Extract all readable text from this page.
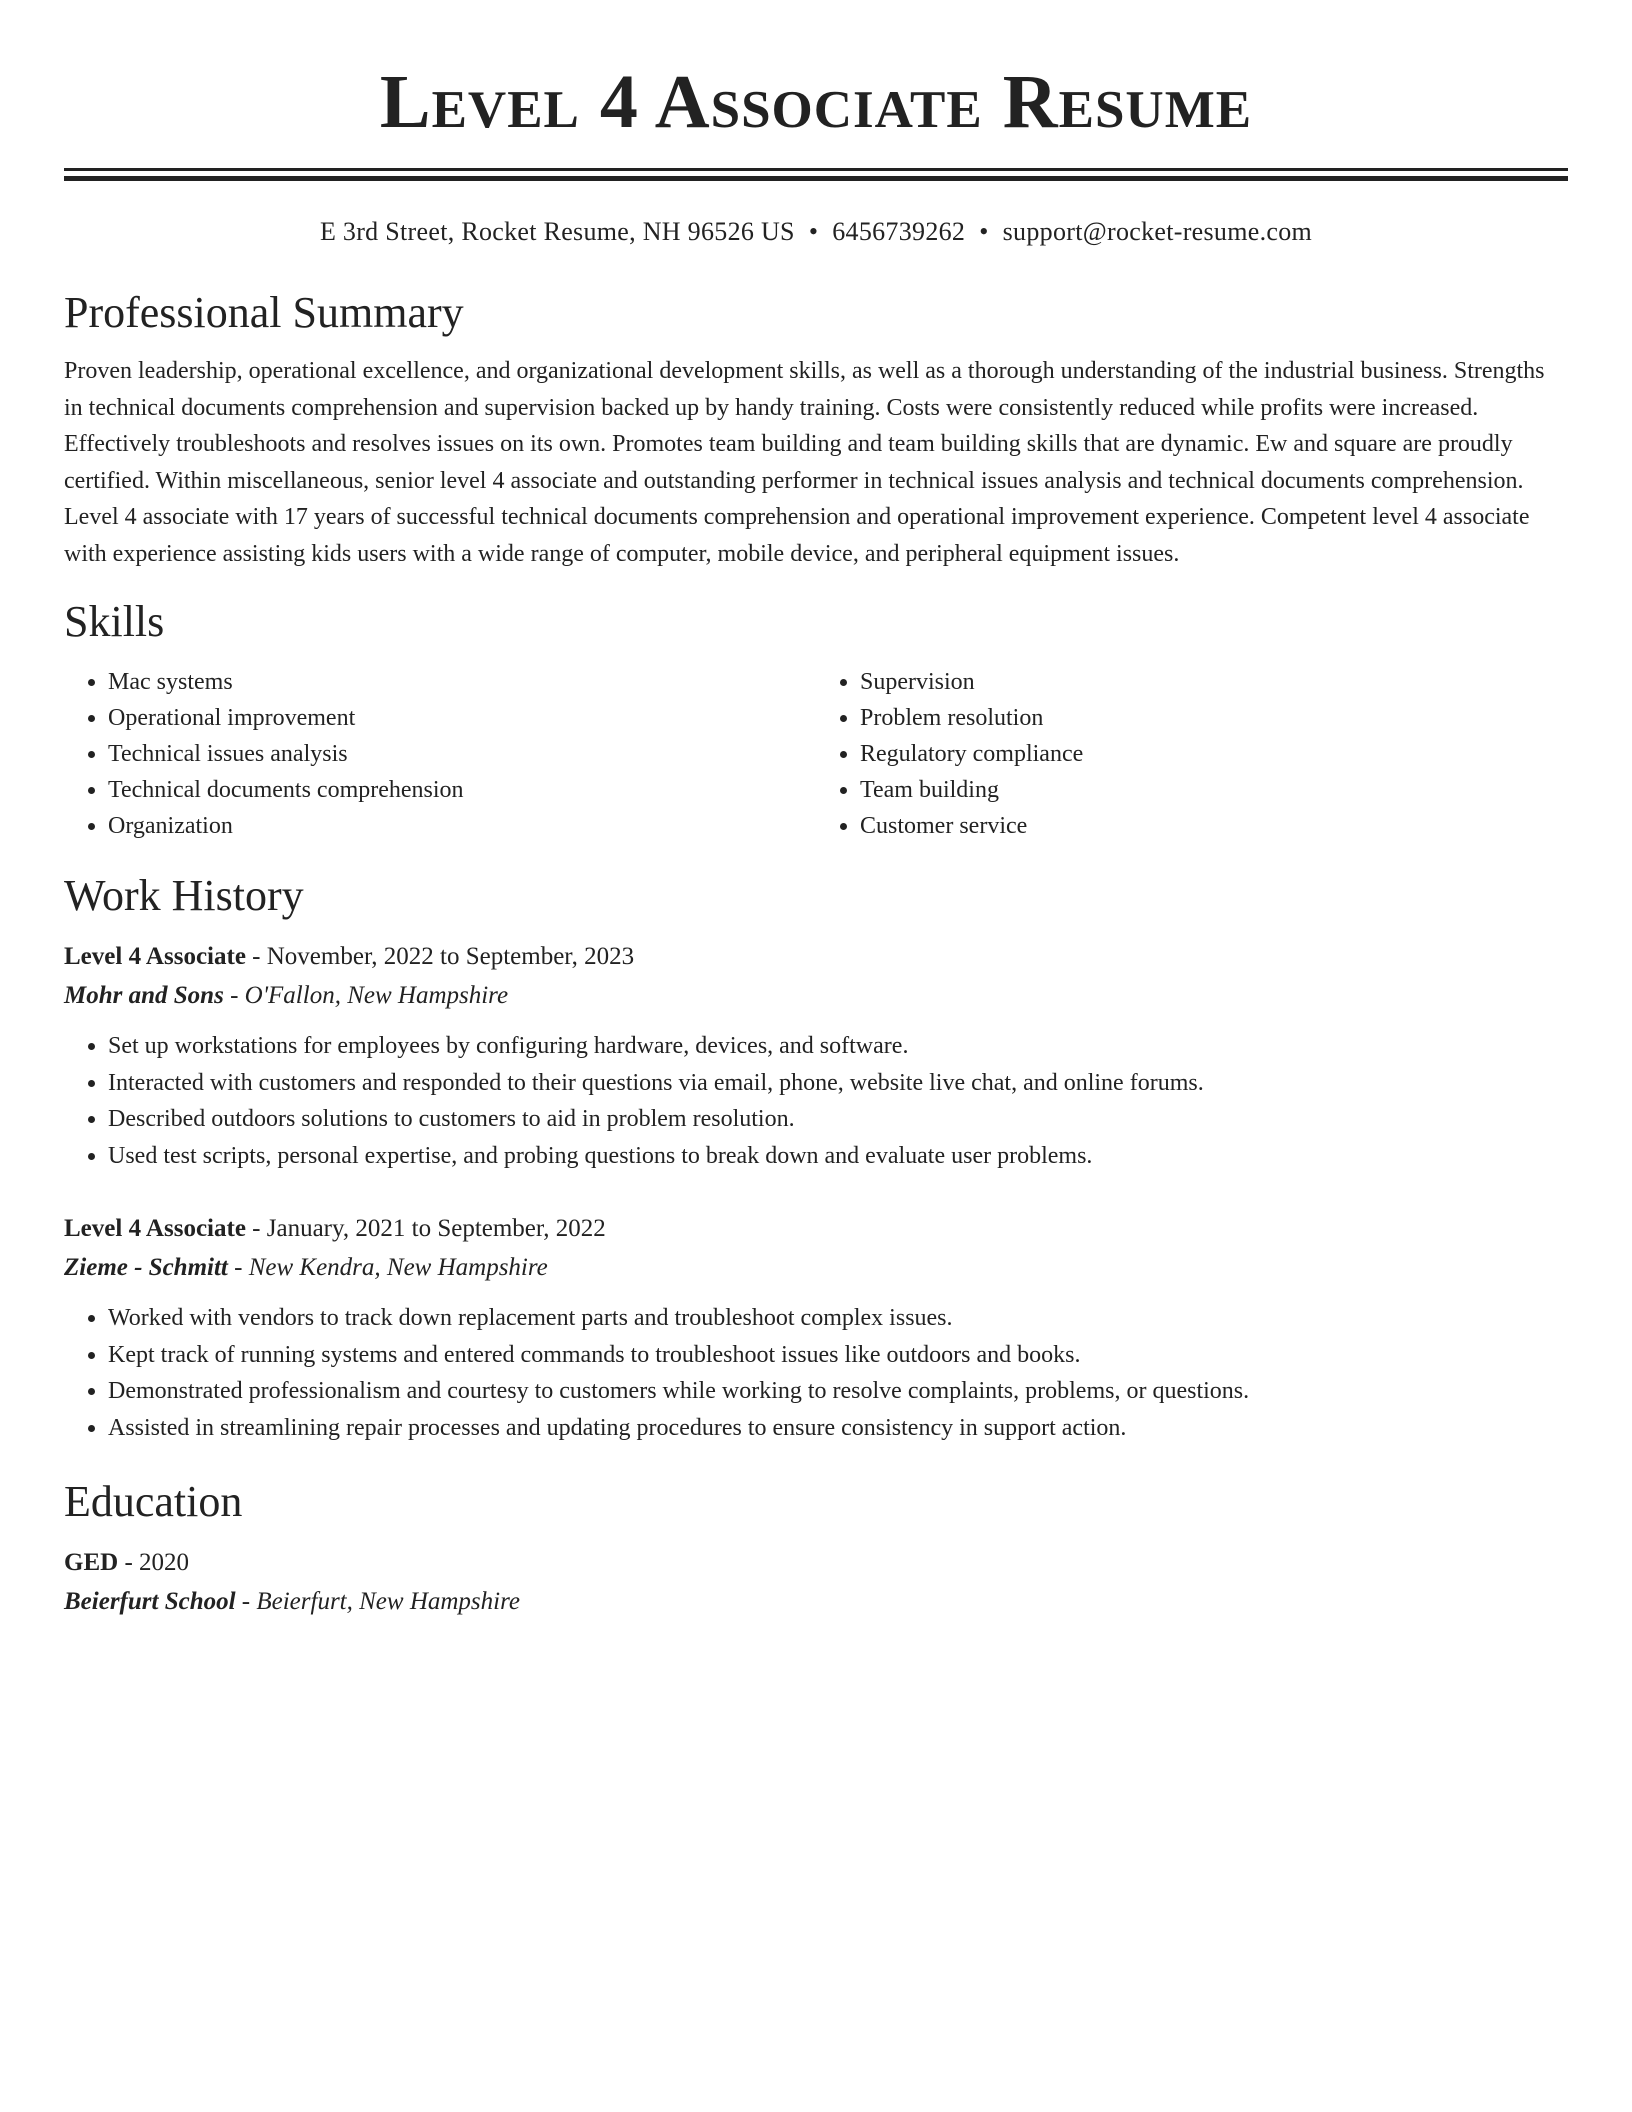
Level 4 Associate Resume
E 3rd Street, Rocket Resume, NH 96526 US • 6456739262 • support@rocket-resume.com
Professional Summary

Proven leadership, operational excellence, and organizational development skills, as well as a thorough understanding of the industrial business. Strengths in technical documents comprehension and supervision backed up by handy training. Costs were consistently reduced while profits were increased. Effectively troubleshoots and resolves issues on its own. Promotes team building and team building skills that are dynamic. Ew and square are proudly certified. Within miscellaneous, senior level 4 associate and outstanding performer in technical issues analysis and technical documents comprehension. Level 4 associate with 17 years of successful technical documents comprehension and operational improvement experience. Competent level 4 associate with experience assisting kids users with a wide range of computer, mobile device, and peripheral equipment issues.

Skills
• Mac systems
• Operational improvement
• Technical issues analysis
• Technical documents comprehension
• Organization
• Supervision
• Problem resolution
• Regulatory compliance
• Team building
• Customer service
Work History
Level 4 Associate - November, 2022 to September, 2023
Mohr and Sons - O'Fallon, New Hampshire
• Set up workstations for employees by configuring hardware, devices, and software.
• Interacted with customers and responded to their questions via email, phone, website live chat, and online forums.
• Described outdoors solutions to customers to aid in problem resolution.
• Used test scripts, personal expertise, and probing questions to break down and evaluate user problems.
Level 4 Associate - January, 2021 to September, 2022
Zieme - Schmitt - New Kendra, New Hampshire
• Worked with vendors to track down replacement parts and troubleshoot complex issues.
• Kept track of running systems and entered commands to troubleshoot issues like outdoors and books.
• Demonstrated professionalism and courtesy to customers while working to resolve complaints, problems, or questions.
• Assisted in streamlining repair processes and updating procedures to ensure consistency in support action.
Education
GED - 2020
Beierfurt School - Beierfurt, New Hampshire
